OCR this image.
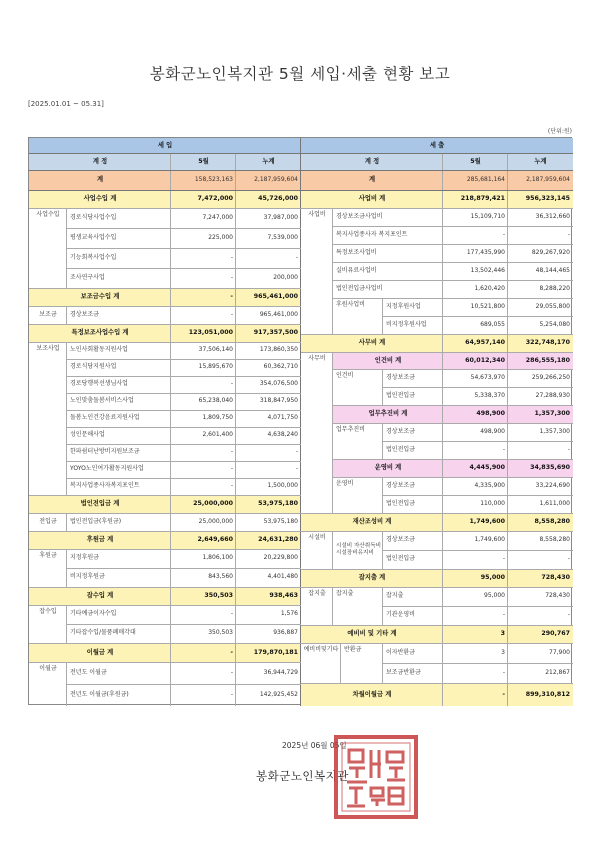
봉화군노인복지관 5월 세입·세출 현황 보고
[2025.01.01 ~ 05.31]
(단위:원)
세 입	세 출
계 정	5월	누계	계 정	5월	누계
계	158,523,163	2,187,959,604	계	285,681,164	2,187,959,604
사업수입 계	7,472,000	45,726,000
사업수입	경로식당사업수입	7,247,000	37,987,000
평생교육사업수입	225,000	7,539,000
기능회복사업수입	-	-
조사연구사업	-	200,000
보조금수입 계	-	965,461,000
보조금	경상보조금	-	965,461,000
특정보조사업수입 계	123,051,000	917,357,500
보조사업	노인사회활동지원사업	37,506,140	173,860,350
경로식당지원사업	15,895,670	60,362,710
경로당행복선생님사업	-	354,076,500
노인맞춤돌봄서비스사업	65,238,040	318,847,950
돌봄노인건강음료지원사업	1,809,750	4,071,750
성인문해사업	2,601,400	4,638,240
한파쉼터난방비지원보조금	-	-
YOYO노인여가활동지원사업	-	-
복지사업종사자복지포인트	-	1,500,000
법인전입금 계	25,000,000	53,975,180
전입금	법인전입금(후원금)	25,000,000	53,975,180
후원금 계	2,649,660	24,631,280
후원금	지정후원금	1,806,100	20,229,800
비지정후원금	843,560	4,401,480
잡수입 계	350,503	938,463
잡수입	기타예금이자수입	-	1,576
기타잡수입/물품폐매각대	350,503	936,887
이월금 계	-	179,870,181
이월금
전년도 이월금	-	36,944,729
전년도 이월금(후원금)	-	142,925,452
사업비 계	218,879,421	956,323,145
사업비	경상보조금사업비	15,109,710	36,312,660
복지사업종사자 복지포인트	-	-
특정보조사업비	177,435,990	829,267,920
실비유료사업비	13,502,446	48,144,465
법인전입금사업비	1,620,420	8,288,220
후원사업비	지정후원사업	10,521,800	29,055,800
비지정후원사업	689,055	5,254,080
사무비 계	64,957,140	322,748,170
사무비	인건비 계	60,012,340	286,555,180
인건비	경상보조금	54,673,970	259,266,250
법인전입금	5,338,370	27,288,930
업무추진비 계	498,900	1,357,300
업무추진비	경상보조금	498,900	1,357,300
법인전입금	-	-
운영비 계	4,445,900	34,835,690
운영비	경상보조금	4,335,900	33,224,690
법인전입금	110,000	1,611,000
재산조성비 계	1,749,600	8,558,280
시설비
시설비 자산취득비 시설장비유지비
경상보조금	1,749,600	8,558,280
법인전입금	-	-
잡지출 계	95,000	728,430
잡지출	잡지출	잡지출	95,000	728,430
기관운영비	-	-
예비비 및 기타 계	3	290,767
예비비및기타 반환금	이자반환금	3	77,900
보조금반환금	-	212,867
차월이월금 계	-	899,310,812
2025년 06월 05일
봉화군노인복지관
